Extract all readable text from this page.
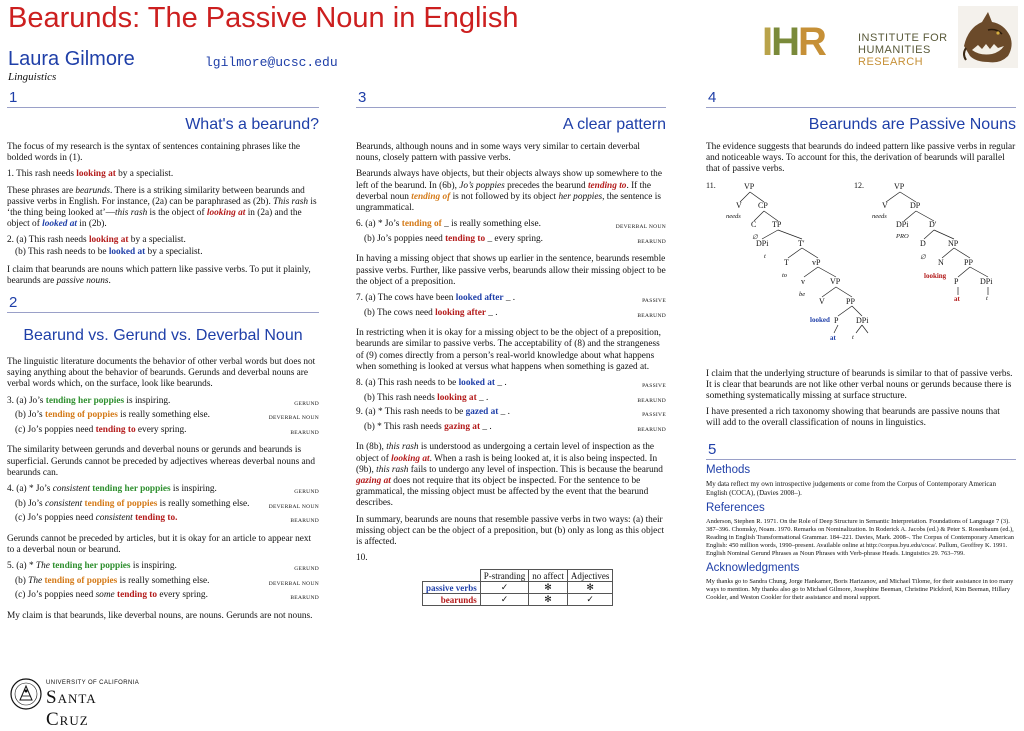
Bearunds: The Passive Noun in English
Laura Gilmore	lgilmore@ucsc.edu
Linguistics
IHR	INSTITUTE FOR
HUMANITIES RESEARCH
1
What's a bearund?

The focus of my research is the syntax of sentences containing phrases like the bolded words in (1).

1. This rash needs looking at by a specialist.

These phrases are bearunds. There is a striking similarity between bearunds and passive verbs in English. For instance, (2a) can be paraphrased as (2b). This rash is ‘the thing being looked at’—this rash is the object of looking at in (2a) and the object of looked at in (2b).

2. (a) This rash needs looking at by a specialist.
(b) This rash needs to be looked at by a specialist.

I claim that bearunds are nouns which pattern like passive verbs. To put it plainly, bearunds are passive nouns.

2
Bearund vs. Gerund vs. Deverbal Noun

The linguistic literature documents the behavior of other verbal words but does not saying anything about the behavior of bearunds. Gerunds and deverbal nouns are verbal words which, on the surface, look like bearunds.

3. (a) Jo’s tending her poppies is inspiring.	GERUND
(b) Jo’s tending of poppies is really something else.	DEVERBAL NOUN
(c) Jo’s poppies need tending to every spring.	BEARUND

The similarity between gerunds and deverbal nouns or gerunds and bearunds is superficial. Gerunds cannot be preceded by adjectives whereas deverbal nouns and bearunds can.

4. (a) * Jo’s consistent tending her poppies is inspiring.	GERUND
(b) Jo’s consistent tending of poppies is really something else.	DEVERBAL NOUN
(c) Jo’s poppies need consistent tending to.	BEARUND

Gerunds cannot be preceded by articles, but it is okay for an article to appear next to a deverbal noun or bearund.

5. (a) * The tending her poppies is inspiring.	GERUND
(b) The tending of poppies is really something else.	DEVERBAL NOUN
(c) Jo’s poppies need some tending to every spring.	BEARUND

My claim is that bearunds, like deverbal nouns, are nouns. Gerunds are not nouns.

3
A clear pattern

Bearunds, although nouns and in some ways very similar to certain deverbal nouns, closely pattern with passive verbs.

Bearunds always have objects, but their objects always show up somewhere to the left of the bearund. In (6b), Jo’s poppies precedes the bearund tending to. If the deverbal noun tending of is not followed by its object her poppies, the sentence is ungrammatical.

6. (a) * Jo’s tending of _ is really something else.	DEVERBAL NOUN
(b) Jo’s poppies need tending to _ every spring.	BEARUND

In having a missing object that shows up earlier in the sentence, bearunds resemble passive verbs. Further, like passive verbs, bearunds allow their missing object to be the object of a preposition.

7. (a) The cows have been looked after _ .	PASSIVE
(b) The cows need looking after _ .	BEARUND

In restricting when it is okay for a missing object to be the object of a preposition, bearunds are similar to passive verbs. The acceptability of (8) and the strangeness of (9) comes directly from a person’s real-world knowledge about what happens when something is looked at versus what happens when something is gazed at.

8. (a) This rash needs to be looked at _ .	PASSIVE
(b) This rash needs looking at _ .	BEARUND
9. (a) * This rash needs to be gazed at _ .	PASSIVE
(b) * This rash needs gazing at _ .	BEARUND

In (8b), this rash is understood as undergoing a certain level of inspection as the object of looking at. When a rash is being looked at, it is also being inspected. In (9b), this rash fails to undergo any level of inspection. This is because the bearund gazing at does not require that its object be inspected. For the sentence to be grammatical, the missing object must be affected by the event that the bearund describes.

In summary, bearunds are nouns that resemble passive verbs in two ways: (a) their missing object can be the object of a preposition, but (b) only as long as this object is affected.

10.

	P-stranding	no affect	Adjectives
passive verbs	✓	✻	✻
bearunds	✓	✻	✓
4
Bearunds are Passive Nouns

The evidence suggests that bearunds do indeed pattern like passive verbs in regular and noticeable ways. To account for this, the derivation of bearunds will parallel that of passive verbs.

11.	VP
V CP
needs
C TP
∅
DPi	T′
t
T	vP
to
v	VP
be
V	PP
looked P DPi
at t
12.	VP
V	DP
needs
DPi	D′
PRO
D	NP
∅
N	PP
looking
P	DPi
at	t

I claim that the underlying structure of bearunds is similar to that of passive verbs. It is clear that bearunds are not like other verbal nouns or gerunds because there is something systematically missing at surface structure.

I have presented a rich taxonomy showing that bearunds are passive nouns that will add to the overall classification of nouns in linguistics.

5
Methods

My data reflect my own introspective judgements or come from the Corpus of Contemporary American English (COCA), (Davies 2008–).

References

Anderson, Stephen R. 1971. On the Role of Deep Structure in Semantic Interpretation. Foundations of Language 7 (3). 387–396. Chomsky, Noam. 1970. Remarks on Nominalization. In Roderick A. Jacobs (ed.) & Peter S. Rosenbaum (ed.), Reading in English Transformational Grammar. 184–221. Davies, Mark. 2008–. The Corpus of Contemporary American English: 450 million words, 1990–present. Available online at http://corpus.byu.edu/coca/. Pullum, Geoffrey K. 1991. English Nominal Gerund Phrases as Noun Phrases with Verb-phrase Heads. Linguistics 29. 763–799.

Acknowledgments

My thanks go to Sandra Chung, Jorge Hankamer, Boris Harizanov, and Michael Tilome, for their assistance in too many ways to mention. My thanks also go to Michael Gilmore, Josephine Beeman, Christine Pickford, Kim Beeman, Hillary Cookler, and Weston Cookler for their assistance and moral support.

UNIVERSITY OF CALIFORNIA
Santa Cruz
